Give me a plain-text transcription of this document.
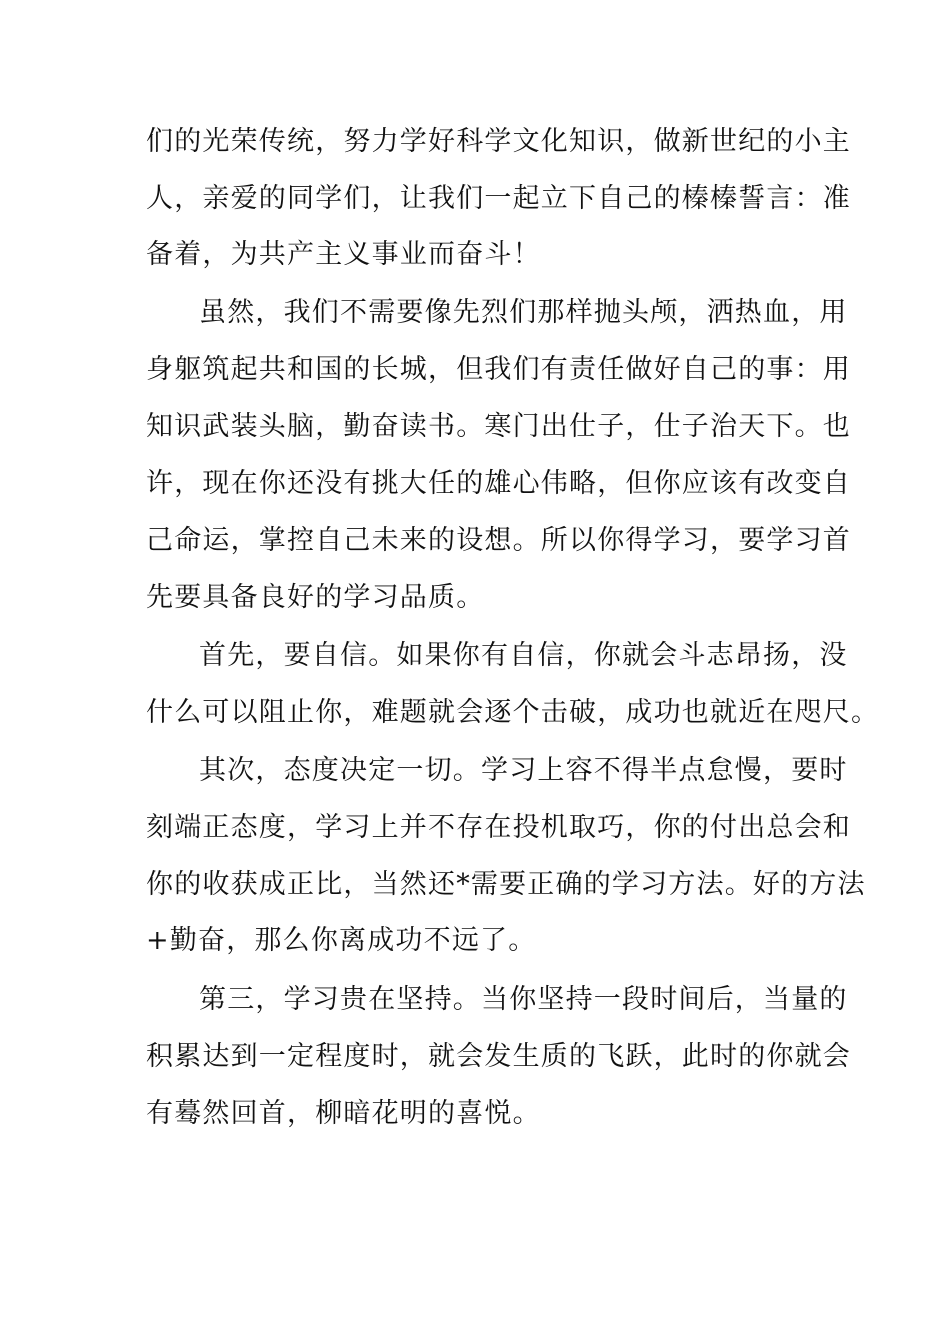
们的光荣传统，努力学好科学文化知识，做新世纪的小主
人，亲爱的同学们，让我们一起立下自己的榛榛誓言：准
备着，为共产主义事业而奋斗！
虽然，我们不需要像先烈们那样抛头颅，洒热血，用
身躯筑起共和国的长城，但我们有责任做好自己的事：用
知识武装头脑，勤奋读书。寒门出仕子，仕子治天下。也
许，现在你还没有挑大任的雄心伟略，但你应该有改变自
己命运，掌控自己未来的设想。所以你得学习，要学习首
先要具备良好的学习品质。
首先，要自信。如果你有自信，你就会斗志昂扬，没
什么可以阻止你，难题就会逐个击破，成功也就近在咫尺。
其次，态度决定一切。学习上容不得半点怠慢，要时
刻端正态度，学习上并不存在投机取巧，你的付出总会和
你的收获成正比，当然还*需要正确的学习方法。好的方法
+勤奋，那么你离成功不远了。
第三，学习贵在坚持。当你坚持一段时间后，当量的
积累达到一定程度时，就会发生质的飞跃，此时的你就会
有蓦然回首，柳暗花明的喜悦。
